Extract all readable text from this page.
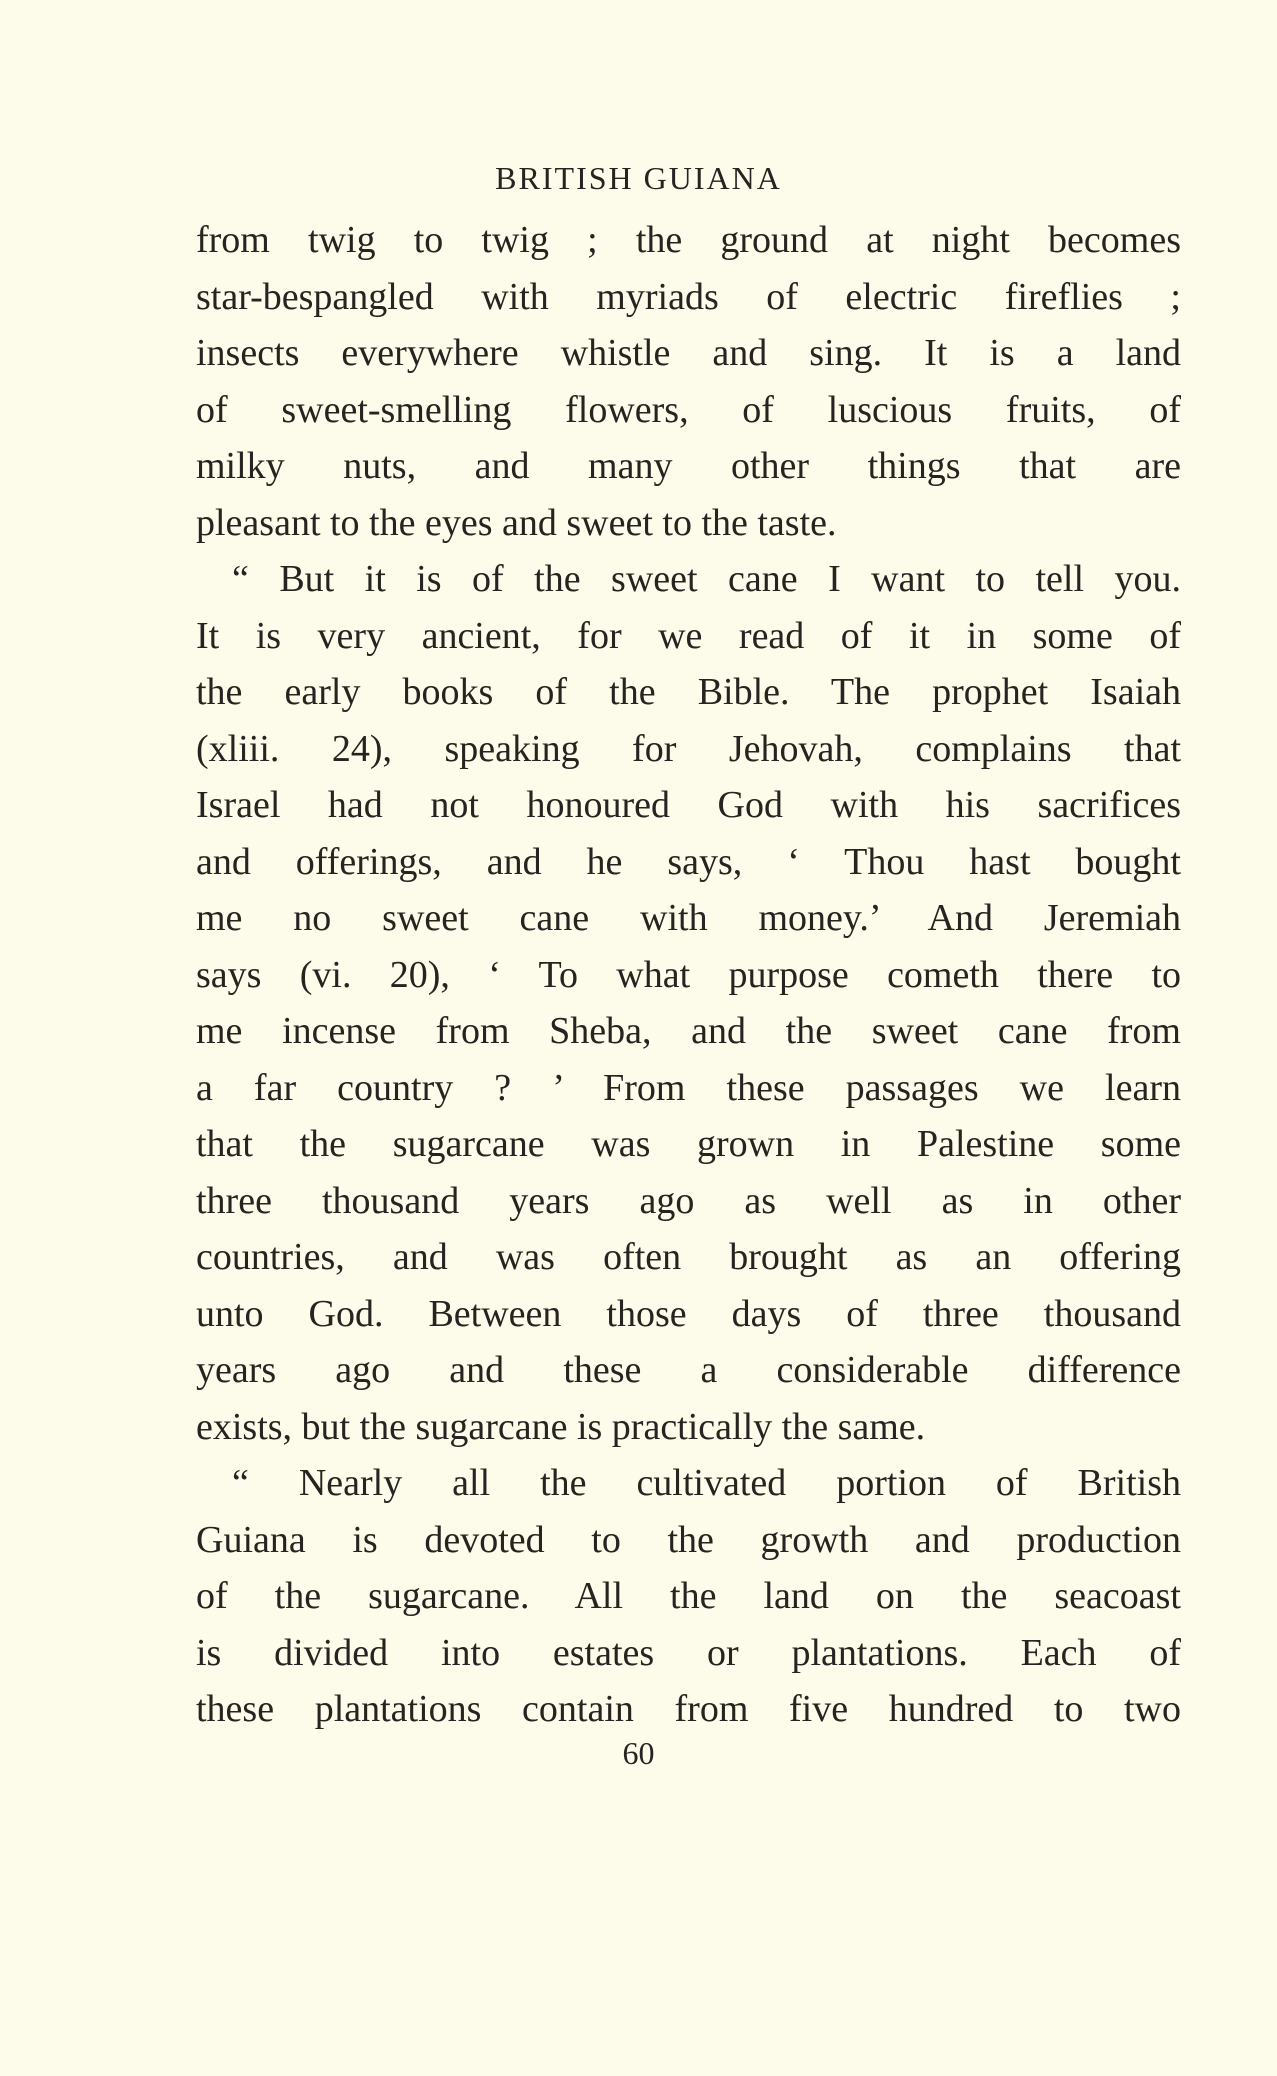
BRITISH GUIANA
from twig to twig ; the ground at night becomes
star-bespangled with myriads of electric fireflies ;
insects everywhere whistle and sing. It is a land
of sweet-smelling flowers, of luscious fruits, of
milky nuts, and many other things that are
pleasant to the eyes and sweet to the taste.
“ But it is of the sweet cane I want to tell you.
It is very ancient, for we read of it in some of
the early books of the Bible. The prophet Isaiah
(xliii. 24), speaking for Jehovah, complains that
Israel had not honoured God with his sacrifices
and offerings, and he says, ‘ Thou hast bought
me no sweet cane with money.’ And Jeremiah
says (vi. 20), ‘ To what purpose cometh there to
me incense from Sheba, and the sweet cane from
a far country ? ’ From these passages we learn
that the sugarcane was grown in Palestine some
three thousand years ago as well as in other
countries, and was often brought as an offering
unto God. Between those days of three thousand
years ago and these a considerable difference
exists, but the sugarcane is practically the same.
“ Nearly all the cultivated portion of British
Guiana is devoted to the growth and production
of the sugarcane. All the land on the seacoast
is divided into estates or plantations. Each of
these plantations contain from five hundred to two
60
